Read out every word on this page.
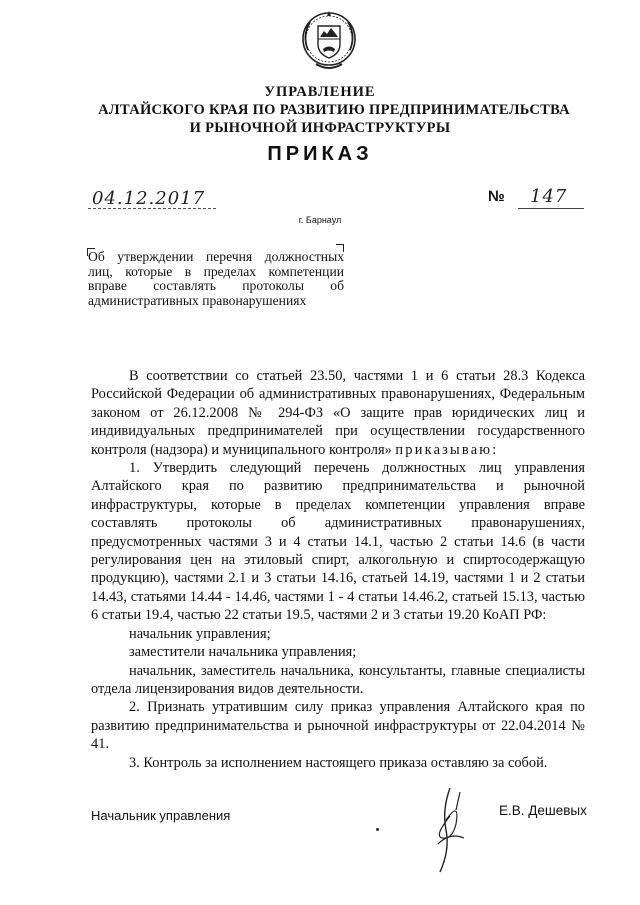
УПРАВЛЕНИЕ
АЛТАЙСКОГО КРАЯ ПО РАЗВИТИЮ ПРЕДПРИНИМАТЕЛЬСТВА
И РЫНОЧНОЙ ИНФРАСТРУКТУРЫ
ПРИКАЗ
04.12.2017	№ 147
г. Барнаул

Об утверждении перечня должностных лиц, которые в пределах компетенции вправе составлять протоколы об административных правонарушениях

В соответствии со статьей 23.50, частями 1 и 6 статьи 28.3 Кодекса Российской Федерации об административных правонарушениях, Федеральным законом от 26.12.2008 № 294-ФЗ «О защите прав юридических лиц и индивидуальных предпринимателей при осуществлении государственного контроля (надзора) и муниципального контроля» приказываю:

1. Утвердить следующий перечень должностных лиц управления Алтайского края по развитию предпринимательства и рыночной инфраструктуры, которые в пределах компетенции управления вправе составлять протоколы об административных правонарушениях, предусмотренных частями 3 и 4 статьи 14.1, частью 2 статьи 14.6 (в части регулирования цен на этиловый спирт, алкогольную и спиртосодержащую продукцию), частями 2.1 и 3 статьи 14.16, статьей 14.19, частями 1 и 2 статьи 14.43, статьями 14.44 - 14.46, частями 1 - 4 статьи 14.46.2, статьей 15.13, частью 6 статьи 19.4, частью 22 статьи 19.5, частями 2 и 3 статьи 19.20 КоАП РФ:

начальник управления;

заместители начальника управления;

начальник, заместитель начальника, консультанты, главные специалисты отдела лицензирования видов деятельности.

2. Признать утратившим силу приказ управления Алтайского края по развитию предпринимательства и рыночной инфраструктуры от 22.04.2014 № 41.

3. Контроль за исполнением настоящего приказа оставляю за собой.

Начальник управления	Е.В. Дешевых
